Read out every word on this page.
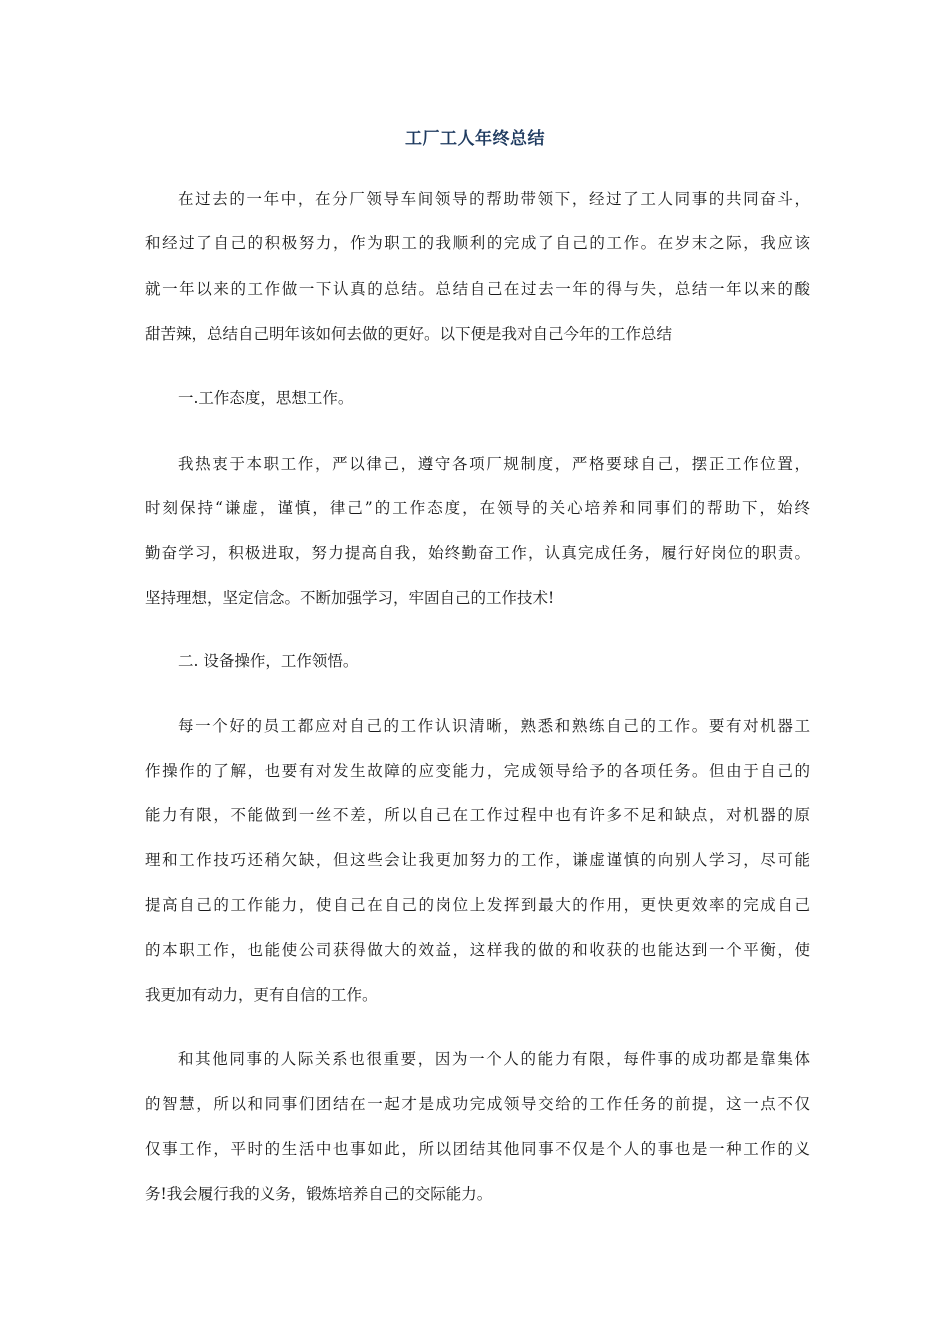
工厂工人年终总结
在过去的一年中，在分厂领导车间领导的帮助带领下，经过了工人同事的共同奋斗，
和经过了自己的积极努力，作为职工的我顺利的完成了自己的工作。在岁末之际，我应该
就一年以来的工作做一下认真的总结。总结自己在过去一年的得与失，总结一年以来的酸
甜苦辣，总结自己明年该如何去做的更好。以下便是我对自己今年的工作总结
一.工作态度，思想工作。
我热衷于本职工作，严以律己，遵守各项厂规制度，严格要球自己，摆正工作位置，
时刻保持“谦虚，谨慎，律己”的工作态度，在领导的关心培养和同事们的帮助下，始终
勤奋学习，积极进取，努力提高自我，始终勤奋工作，认真完成任务，履行好岗位的职责。
坚持理想，坚定信念。不断加强学习，牢固自己的工作技术!
二. 设备操作，工作领悟。
每一个好的员工都应对自己的工作认识清晰，熟悉和熟练自己的工作。要有对机器工
作操作的了解，也要有对发生故障的应变能力，完成领导给予的各项任务。但由于自己的
能力有限，不能做到一丝不差，所以自己在工作过程中也有许多不足和缺点，对机器的原
理和工作技巧还稍欠缺，但这些会让我更加努力的工作，谦虚谨慎的向别人学习，尽可能
提高自己的工作能力，使自己在自己的岗位上发挥到最大的作用，更快更效率的完成自己
的本职工作，也能使公司获得做大的效益，这样我的做的和收获的也能达到一个平衡，使
我更加有动力，更有自信的工作。
和其他同事的人际关系也很重要，因为一个人的能力有限，每件事的成功都是靠集体
的智慧，所以和同事们团结在一起才是成功完成领导交给的工作任务的前提，这一点不仅
仅事工作，平时的生活中也事如此，所以团结其他同事不仅是个人的事也是一种工作的义
务!我会履行我的义务，锻炼培养自己的交际能力。
